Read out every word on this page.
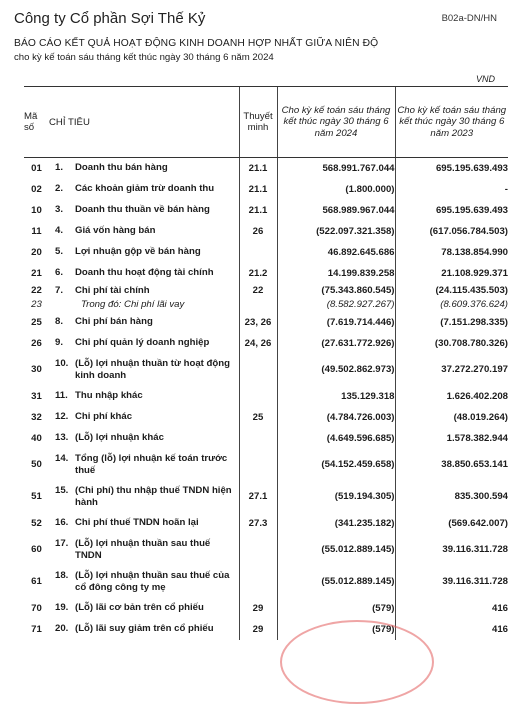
Công ty Cổ phần Sợi Thế Kỷ	B02a-DN/HN
BÁO CÁO KẾT QUẢ HOẠT ĐỘNG KINH DOANH HỢP NHẤT GIỮA NIÊN ĐỘ
cho kỳ kế toán sáu tháng kết thúc ngày 30 tháng 6 năm 2024
VND
Mã số	CHỈ TIÊU	Thuyết minh	Cho kỳ kế toán sáu tháng kết thúc ngày 30 tháng 6 năm 2024	Cho kỳ kế toán sáu tháng kết thúc ngày 30 tháng 6 năm 2023
01	1. Doanh thu bán hàng	21.1	568.991.767.044	695.195.639.493
02	2. Các khoản giảm trừ doanh thu	21.1	(1.800.000)	-
10	3. Doanh thu thuần về bán hàng	21.1	568.989.967.044	695.195.639.493
11	4. Giá vốn hàng bán	26	(522.097.321.358)	(617.056.784.503)
20	5. Lợi nhuận gộp về bán hàng		46.892.645.686	78.138.854.990
21	6. Doanh thu hoạt động tài chính	21.2	14.199.839.258	21.108.929.371
22	7. Chi phí tài chính	22	(75.343.860.545)	(24.115.435.503)
23	Trong đó: Chi phí lãi vay		(8.582.927.267)	(8.609.376.624)
25	8. Chi phí bán hàng	23, 26	(7.619.714.446)	(7.151.298.335)
26	9. Chi phí quản lý doanh nghiệp	24, 26	(27.631.772.926)	(30.708.780.326)
30	10. (Lỗ) lợi nhuận thuần từ hoạt động kinh doanh		(49.502.862.973)	37.272.270.197
31	11. Thu nhập khác		135.129.318	1.626.402.208
32	12. Chi phí khác	25	(4.784.726.003)	(48.019.264)
40	13. (Lỗ) lợi nhuận khác		(4.649.596.685)	1.578.382.944
50	14. Tổng (lỗ) lợi nhuận kế toán trước thuế		(54.152.459.658)	38.850.653.141
51	15. (Chi phí) thu nhập thuế TNDN hiện hành	27.1	(519.194.305)	835.300.594
52	16. Chi phí thuế TNDN hoãn lại	27.3	(341.235.182)	(569.642.007)
60	17. (Lỗ) lợi nhuận thuần sau thuế TNDN		(55.012.889.145)	39.116.311.728
61	18. (Lỗ) lợi nhuận thuần sau thuế của cổ đông công ty mẹ		(55.012.889.145)	39.116.311.728
70	19. (Lỗ) lãi cơ bản trên cổ phiếu	29	(579)	416
71	20. (Lỗ) lãi suy giảm trên cổ phiếu	29	(579)	416
